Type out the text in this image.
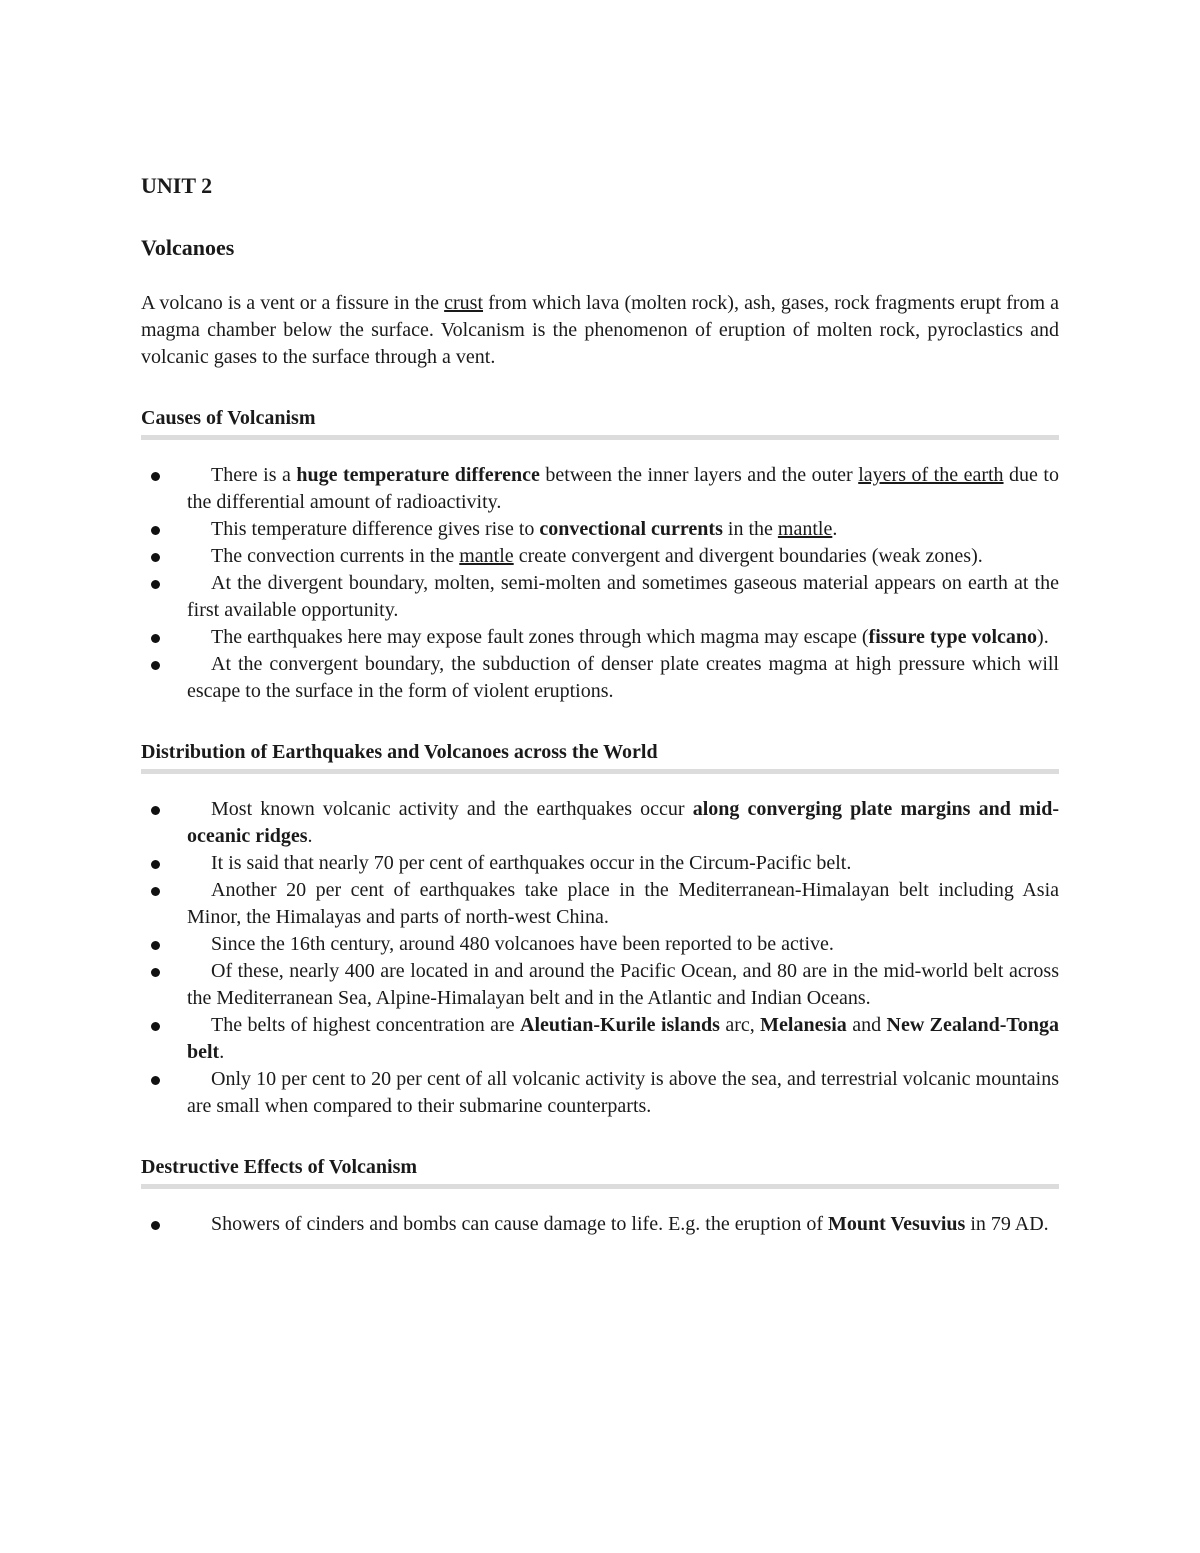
UNIT 2
Volcanoes

A volcano is a vent or a fissure in the crust from which lava (molten rock), ash, gases, rock fragments erupt from a magma chamber below the surface. Volcanism is the phenomenon of eruption of molten rock, pyroclastics and volcanic gases to the surface through a vent.

Causes of Volcanism
There is a huge temperature difference between the inner layers and the outer layers of the earth due to the differential amount of radioactivity.
This temperature difference gives rise to convectional currents in the mantle.
The convection currents in the mantle create convergent and divergent boundaries (weak zones).
At the divergent boundary, molten, semi-molten and sometimes gaseous material appears on earth at the first available opportunity.
The earthquakes here may expose fault zones through which magma may escape (fissure type volcano).
At the convergent boundary, the subduction of denser plate creates magma at high pressure which will escape to the surface in the form of violent eruptions.
Distribution of Earthquakes and Volcanoes across the World
Most known volcanic activity and the earthquakes occur along converging plate margins and mid-oceanic ridges.
It is said that nearly 70 per cent of earthquakes occur in the Circum-Pacific belt.
Another 20 per cent of earthquakes take place in the Mediterranean-Himalayan belt including Asia Minor, the Himalayas and parts of north-west China.
Since the 16th century, around 480 volcanoes have been reported to be active.
Of these, nearly 400 are located in and around the Pacific Ocean, and 80 are in the mid-world belt across the Mediterranean Sea, Alpine-Himalayan belt and in the Atlantic and Indian Oceans.
The belts of highest concentration are Aleutian-Kurile islands arc, Melanesia and New Zealand-Tonga belt.
Only 10 per cent to 20 per cent of all volcanic activity is above the sea, and terrestrial volcanic mountains are small when compared to their submarine counterparts.
Destructive Effects of Volcanism
Showers of cinders and bombs can cause damage to life. E.g. the eruption of Mount Vesuvius in 79 AD.
